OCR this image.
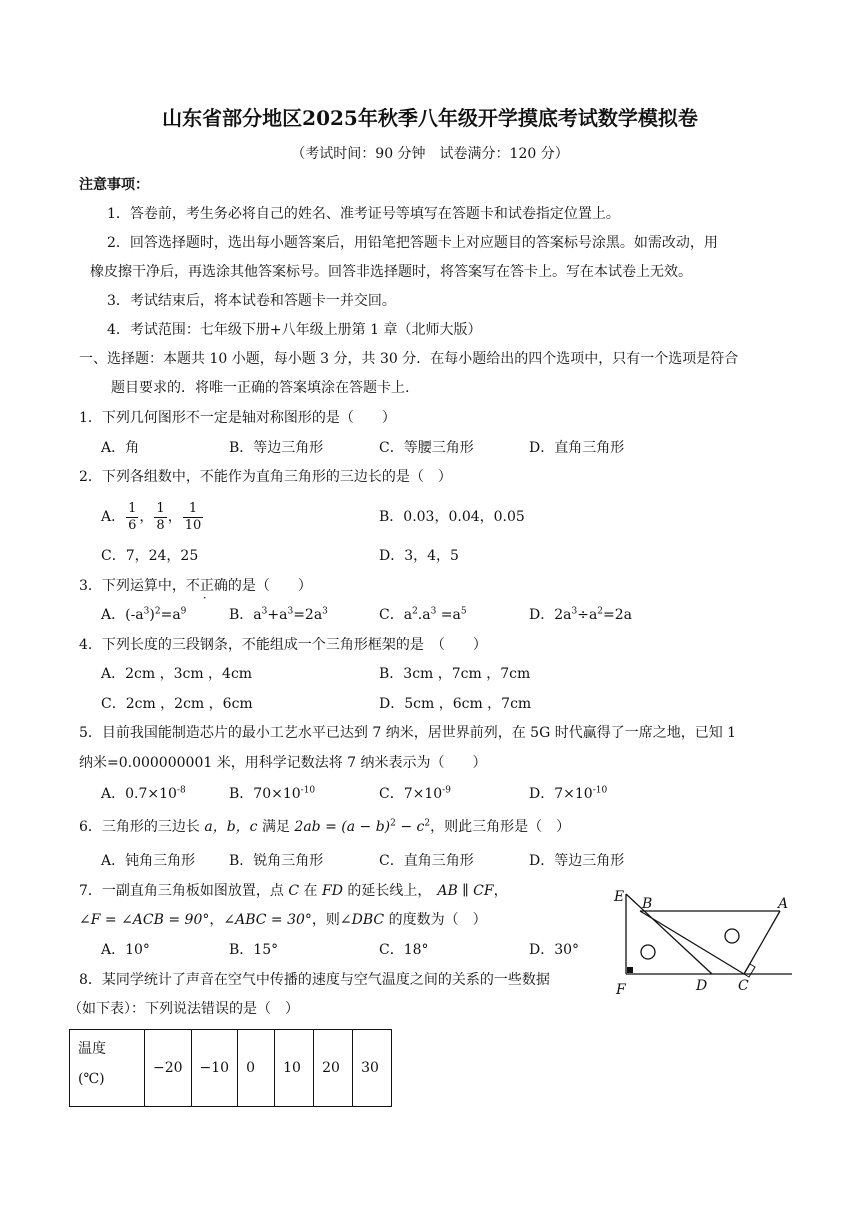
山东省部分地区2025年秋季八年级开学摸底考试数学模拟卷
（考试时间：90 分钟　试卷满分：120 分）
注意事项：
1．答卷前，考生务必将自己的姓名、准考证号等填写在答题卡和试卷指定位置上。
2．回答选择题时，选出每小题答案后，用铅笔把答题卡上对应题目的答案标号涂黑。如需改动，用
橡皮擦干净后，再选涂其他答案标号。回答非选择题时，将答案写在答卡上。写在本试卷上无效。
3．考试结束后，将本试卷和答题卡一并交回。
4．考试范围：七年级下册+八年级上册第 1 章（北师大版）
一、选择题：本题共 10 小题，每小题 3 分，共 30 分．在每小题给出的四个选项中，只有一个选项是符合
题目要求的．将唯一正确的答案填涂在答题卡上.
1．下列几何图形不一定是轴对称图形的是（　　）
A．角	B．等边三角形	C．等腰三角形	D．直角三角形
2．下列各组数中，不能作为直角三角形的三边长的是（　）
A． $\frac{1}{6}$ ， $\frac{1}{8}$ ， $\frac{1}{10}$	B．0.03，0.04，0.05
C．7，24，25	D．3，4，5
3．下列运算中，不正确的是（　　）
A．$(-a^3)^2=a^9$	B．$a^3+a^3=2a^3$	C．$a^2.a^3 =a^5$	D．$2a^3\div a^2=2a$
4．下列长度的三段钢条，不能组成一个三角形框架的是　（　　）
A．2cm ，3cm ，4cm	B．3cm ，7cm ，7cm
C．2cm ，2cm ，6cm	D．5cm ，6cm ，7cm
5．目前我国能制造芯片的最小工艺水平已达到 7 纳米，居世界前列，在 5G 时代赢得了一席之地，已知 1
纳米=0.000000001 米，用科学记数法将 7 纳米表示为（　　）
A．$0.7\times 10^{-8}$	B．$70\times 10^{-10}$	C．$7\times 10^{-9}$	D．$7\times 10^{-10}$
6．三角形的三边长 a，b，c 满足 $2ab = (a - b)^2 - c^2$，则此三角形是（　）
A．钝角三角形 B．锐角三角形	C．直角三角形	D．等边三角形
7．一副直角三角板如图放置，点 C 在 FD 的延长线上， AB ∥ CF，
∠F = ∠ACB = 90°，∠ABC = 30°，则∠DBC 的度数为（　）
A．10°	B．15°	C．18°	D．30°
E B	A
F	D C
8．某同学统计了声音在空气中传播的速度与空气温度之间的关系的一些数据
（如下表）：下列说法错误的是（　）
温度
(℃)	−20	−10	0	10	20	30
